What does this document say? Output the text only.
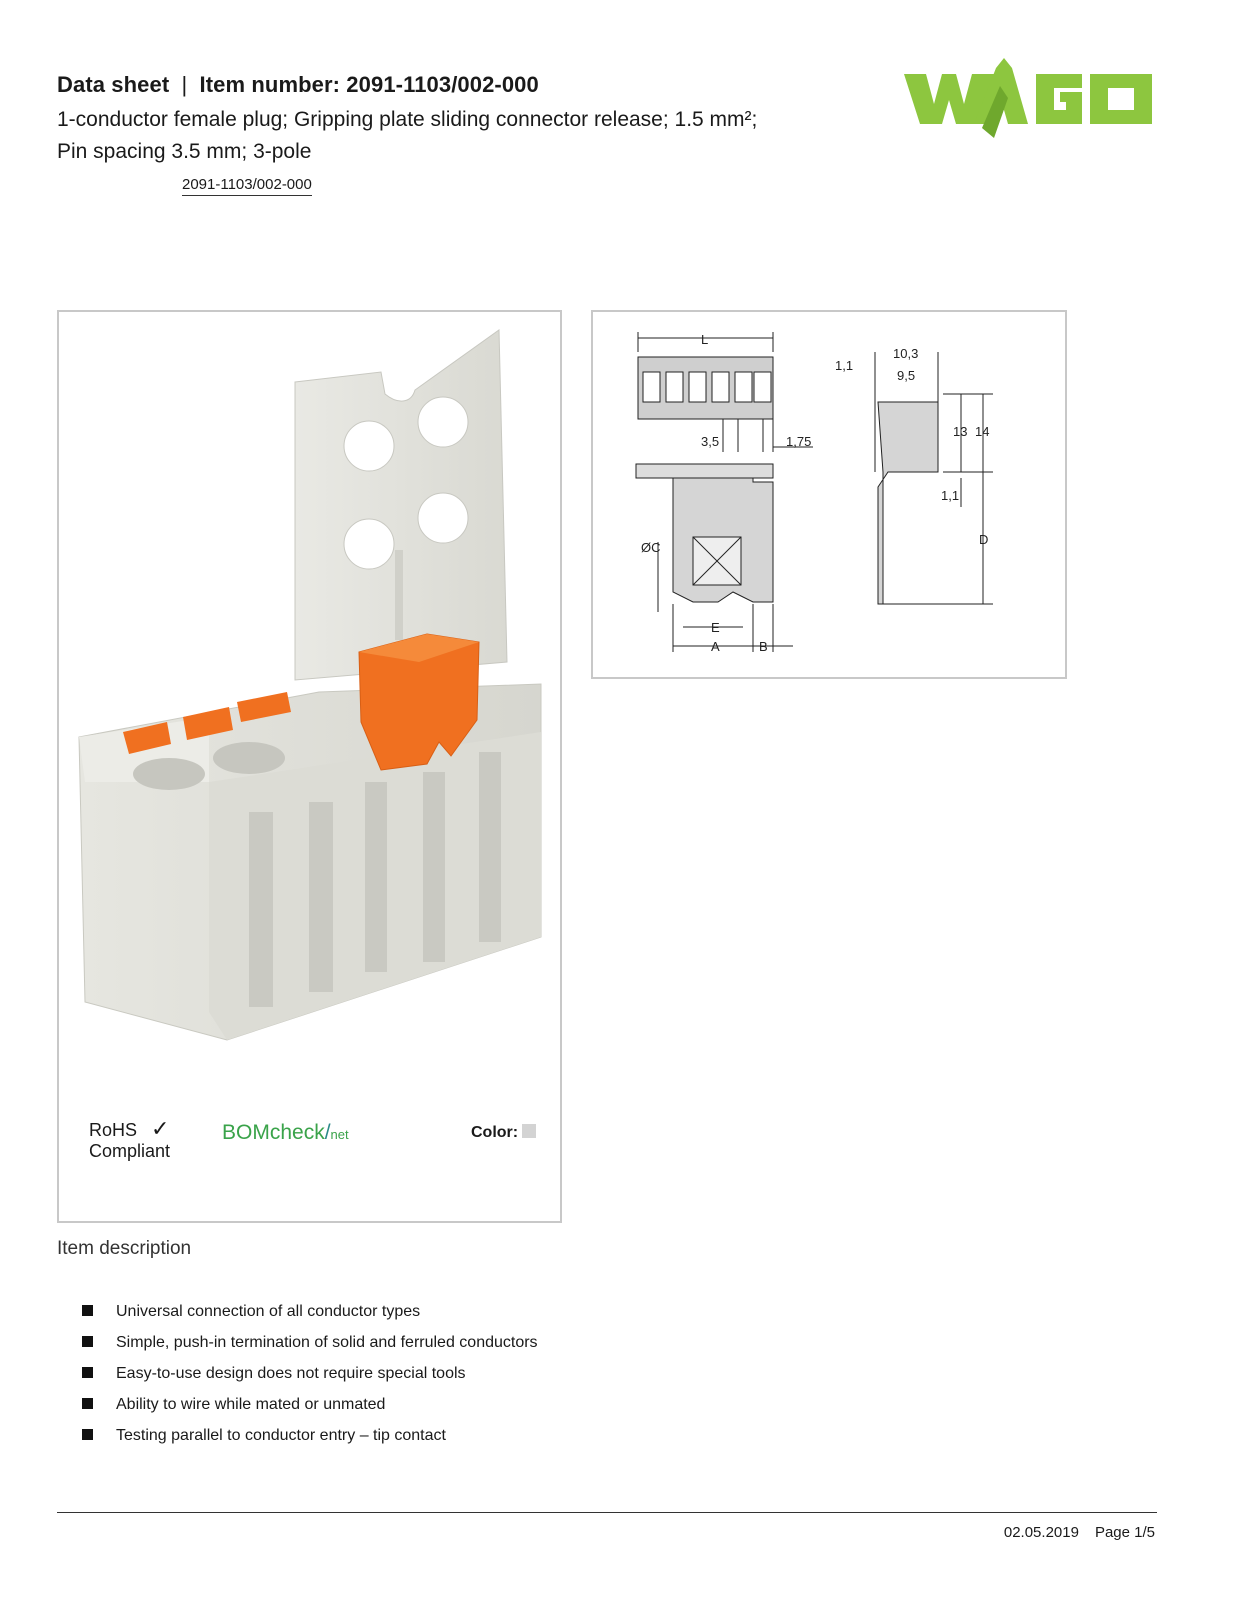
Data sheet | Item number: 2091-1103/002-000
1-conductor female plug; Gripping plate sliding connector release; 1.5 mm²;
Pin spacing 3.5 mm; 3-pole
2091-1103/002-000
WAGO
RoHS ✓
Compliant
BOMcheck/net	Color:
L
3,5	1,75
1,1
10,3
9,5
13 14
1,1
D
ØC
E
A	B
Item description
Universal connection of all conductor types
Simple, push-in termination of solid and ferruled conductors
Easy-to-use design does not require special tools
Ability to wire while mated or unmated
Testing parallel to conductor entry – tip contact
02.05.2019 Page 1/5
